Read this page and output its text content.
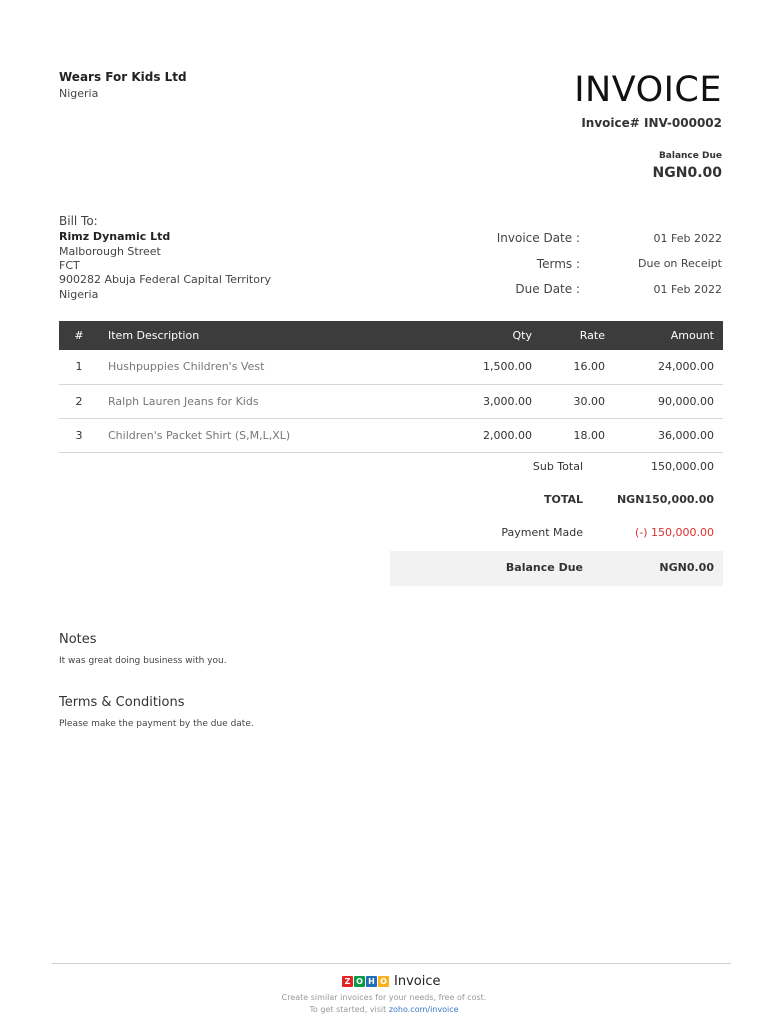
Wears For Kids Ltd
Nigeria	INVOICE
Invoice# INV-000002
Balance Due
NGN0.00
Bill To:
Rimz Dynamic Ltd
Malborough Street
FCT
900282 Abuja Federal Capital Territory
Nigeria
Invoice Date :	01 Feb 2022
Terms :	Due on Receipt
Due Date :	01 Feb 2022
#	Item Description	Qty	Rate	Amount
1	Hushpuppies Children's Vest	1,500.00	16.00	24,000.00
2	Ralph Lauren Jeans for Kids	3,000.00	30.00	90,000.00
3	Children's Packet Shirt (S,M,L,XL)	2,000.00	18.00	36,000.00
Sub Total	150,000.00
TOTAL	NGN150,000.00
Payment Made	(-) 150,000.00
Balance Due	NGN0.00
Notes
It was great doing business with you.
Terms & Conditions
Please make the payment by the due date.
Z O H O Invoice
Create similar invoices for your needs, free of cost.
To get started, visit zoho.com/invoice
